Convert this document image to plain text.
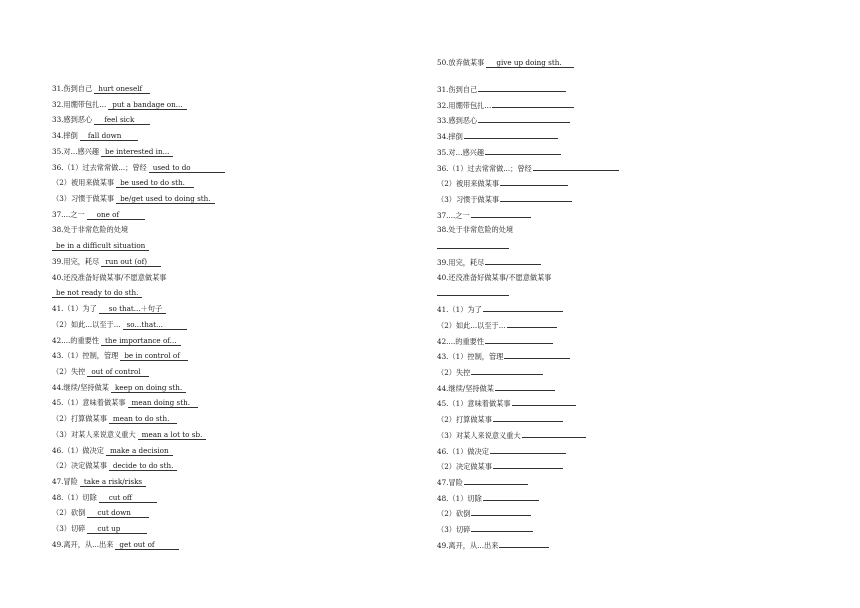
31.伤到自己 hurt oneself
32.用绷带包扎... put a bandage on...
33.感到恶心 feel sick
34.摔倒 fall down
35.对...感兴趣 be interested in...
36.（1）过去常常做...；曾经 used to do
（2）被用来做某事 be used to do sth.
（3）习惯于做某事 be/get used to doing sth.
37....之一 one of
38.处于非常危险的处境
be in a difficult situation
39.用完，耗尽 run out (of)
40.还没准备好做某事/不愿意做某事
be not ready to do sth.
41.（1）为了 so that...＋句子
（2）如此...以至于... so...that...
42....的重要性 the importance of...
43.（1）控制，管理 be in control of
（2）失控 out of control
44.继续/坚持做某 keep on doing sth.
45.（1）意味着做某事 mean doing sth.
（2）打算做某事 mean to do sth.
（3）对某人来说意义重大 mean a lot to sb.
46.（1）做决定 make a decision
（2）决定做某事 decide to do sth.
47.冒险 take a risk/risks
48.（1）切除 cut off
（2）砍倒 cut down
（3）切碎 cut up
49.离开，从...出来 get out of
50.放弃做某事 give up doing sth.
31.伤到自己
32.用绷带包扎...
33.感到恶心
34.摔倒
35.对...感兴趣
36.（1）过去常常做...；曾经
（2）被用来做某事
（3）习惯于做某事
37....之一
38.处于非常危险的处境
39.用完，耗尽
40.还没准备好做某事/不愿意做某事
41.（1）为了
（2）如此...以至于...
42....的重要性
43.（1）控制，管理
（2）失控
44.继续/坚持做某
45.（1）意味着做某事
（2）打算做某事
（3）对某人来说意义重大
46.（1）做决定
（2）决定做某事
47.冒险
48.（1）切除
（2）砍倒
（3）切碎
49.离开，从...出来
